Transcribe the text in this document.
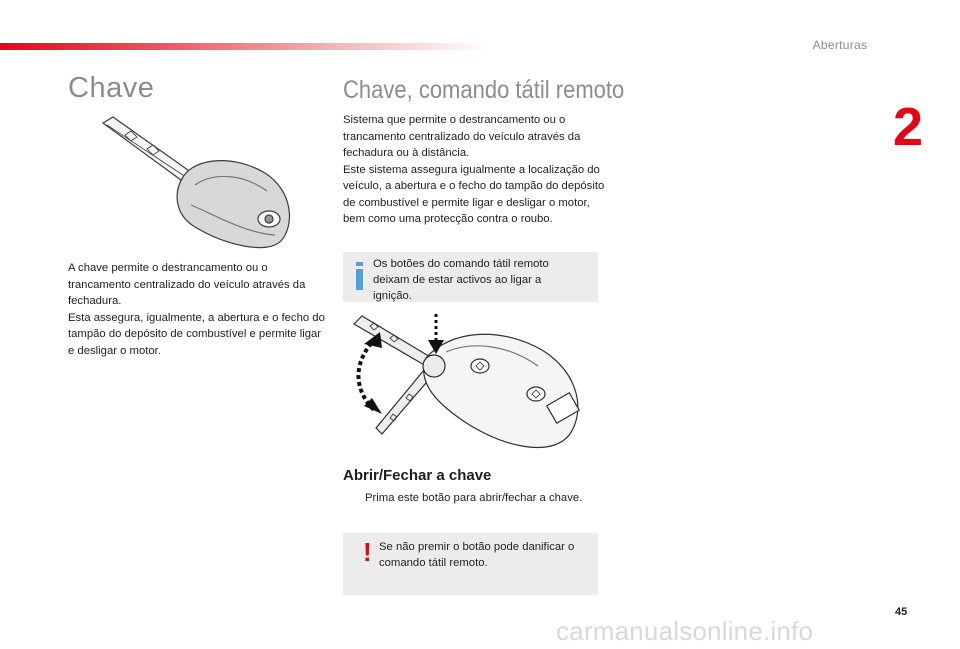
Aberturas
2
Chave

A chave permite o destrancamento ou o trancamento centralizado do veículo através da fechadura.

Esta assegura, igualmente, a abertura e o fecho do tampão do depósito de combustível e permite ligar e desligar o motor.

Chave, comando tátil remoto

Sistema que permite o destrancamento ou o trancamento centralizado do veículo através da fechadura ou à distância.

Este sistema assegura igualmente a localização do veículo, a abertura e o fecho do tampão do depósito de combustível e permite ligar e desligar o motor, bem como uma protecção contra o roubo.

Os botões do comando tátil remoto deixam de estar activos ao ligar a ignição.
Abrir/Fechar a chave
Prima este botão para abrir/fechar a chave.
! Se não premir o botão pode danificar o comando tátil remoto.
45
carmanualsonline.info
